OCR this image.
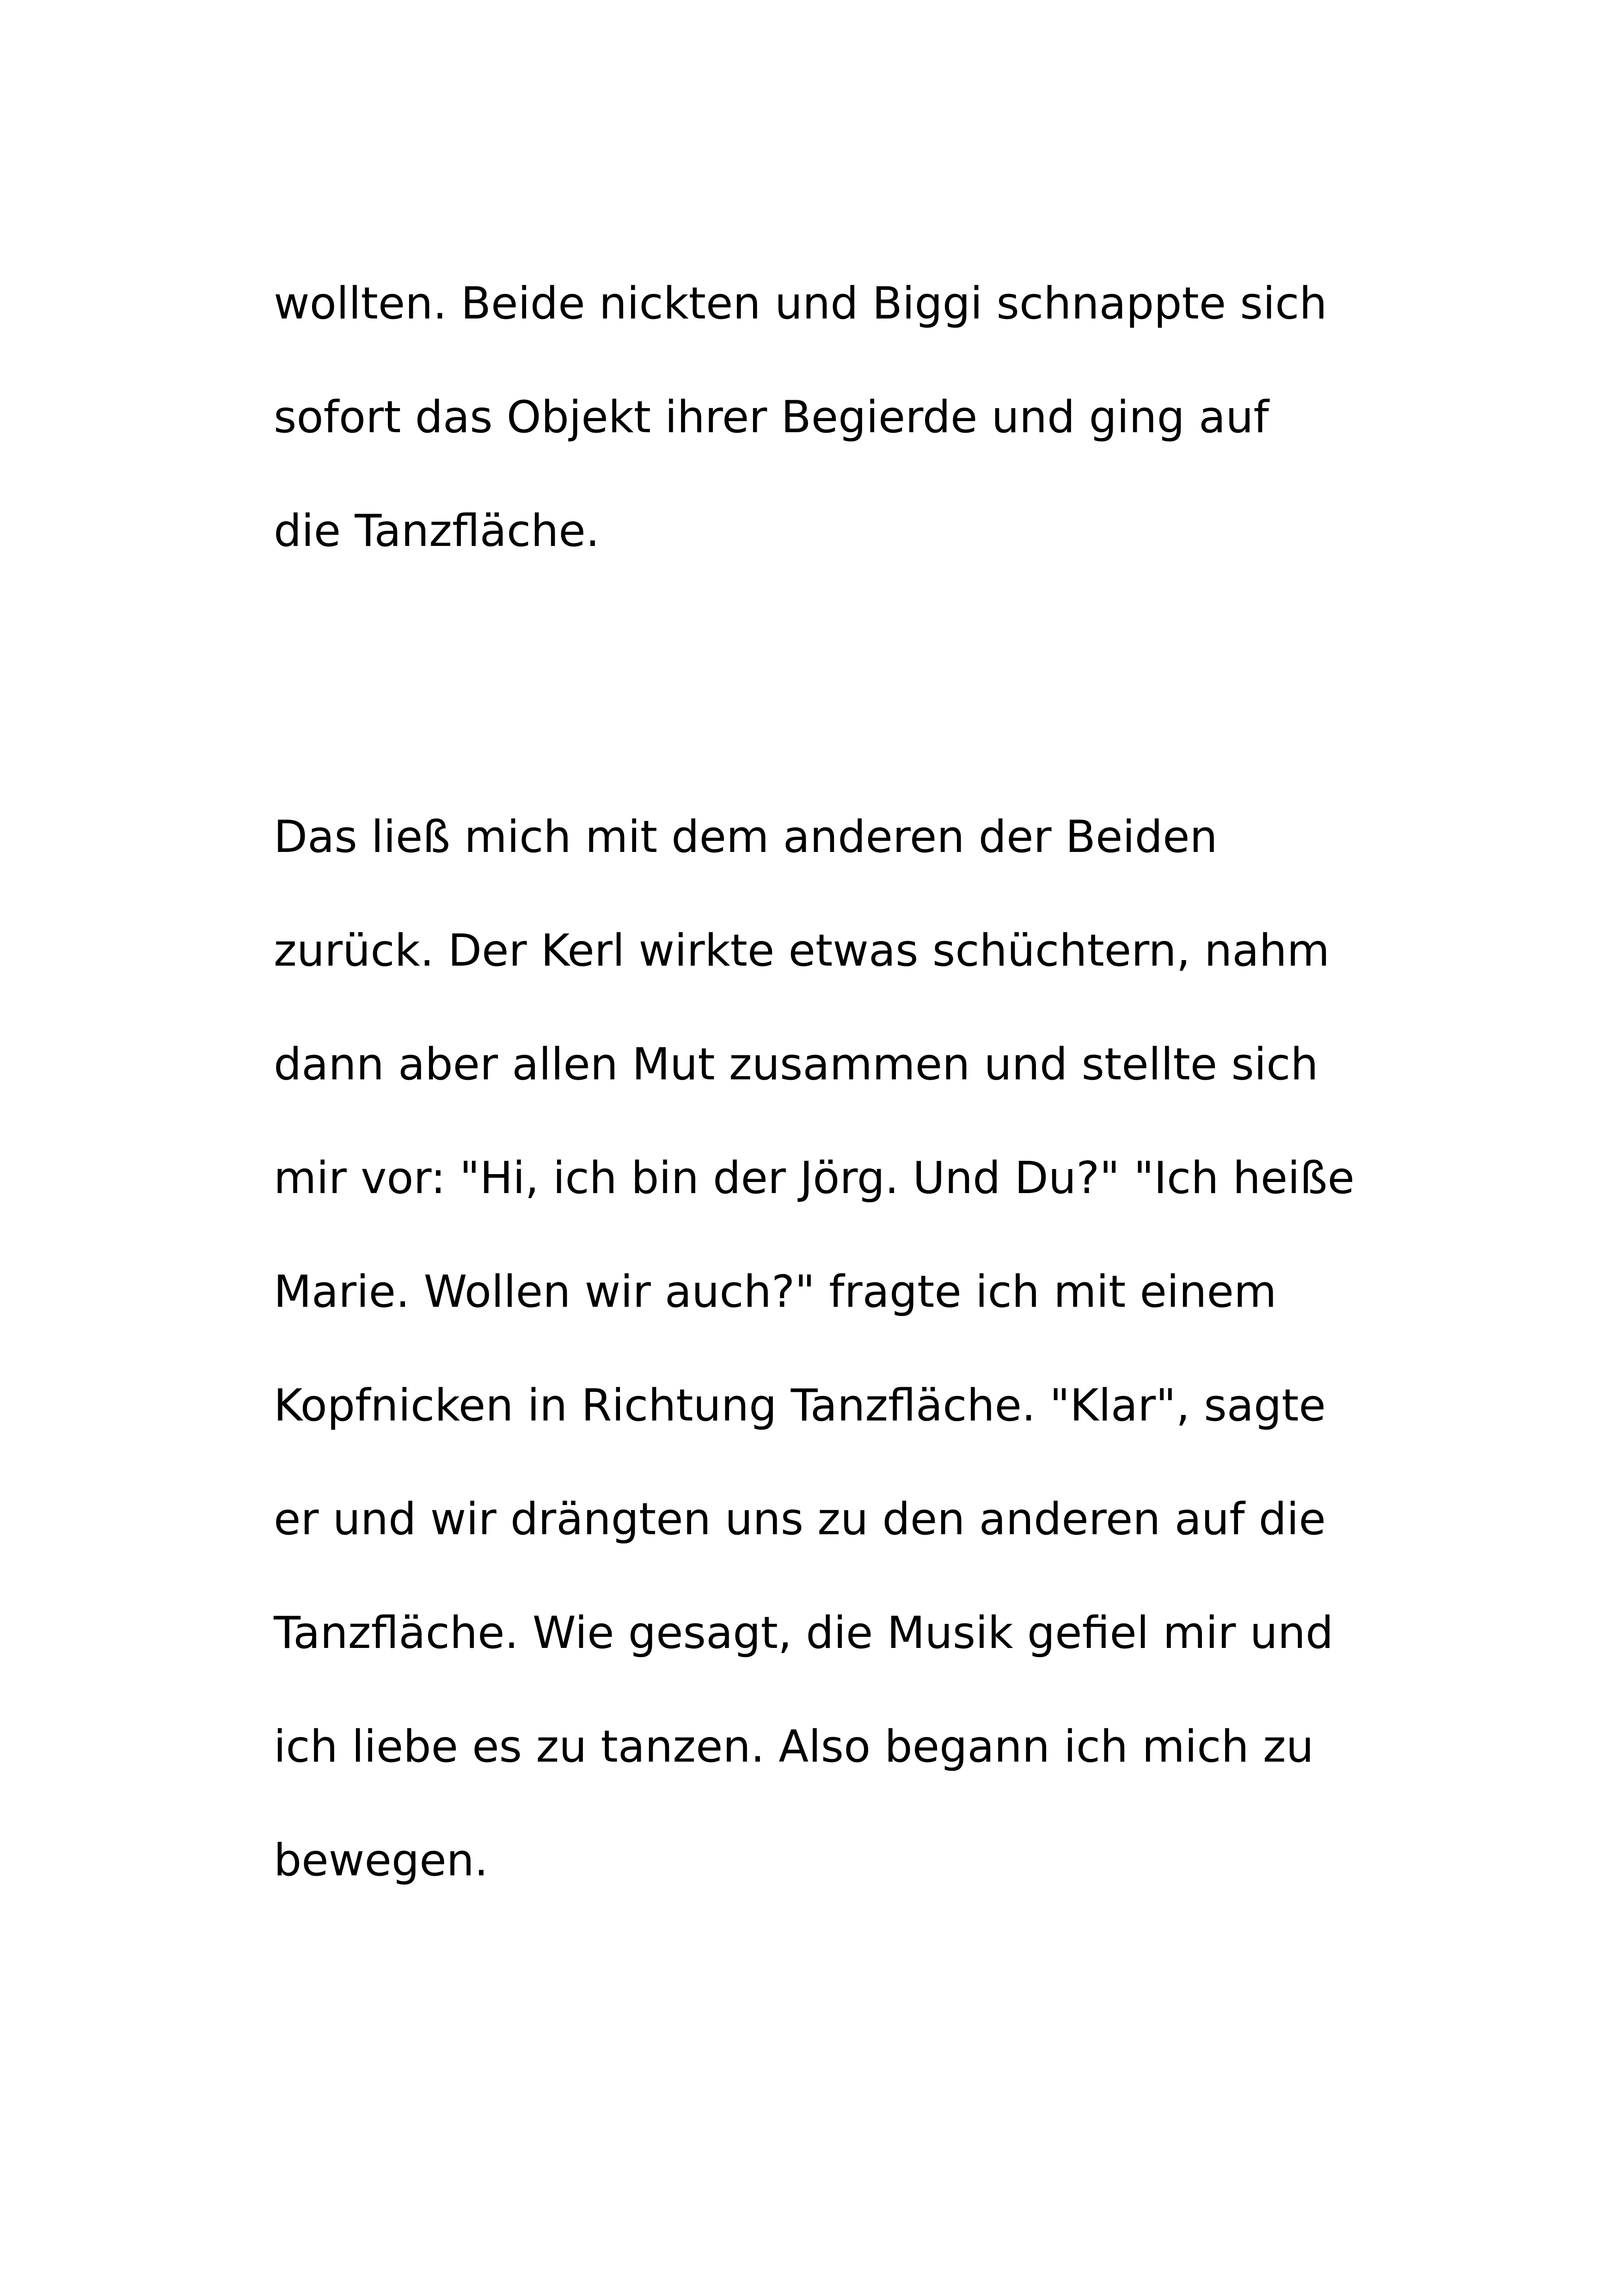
wollten. Beide nickten und Biggi schnappte sich

sofort das Objekt ihrer Begierde und ging auf

die Tanzfläche.

Das ließ mich mit dem anderen der Beiden

zurück. Der Kerl wirkte etwas schüchtern, nahm

dann aber allen Mut zusammen und stellte sich

mir vor: "Hi, ich bin der Jörg. Und Du?" "Ich heiße

Marie. Wollen wir auch?" fragte ich mit einem

Kopfnicken in Richtung Tanzfläche. "Klar", sagte

er und wir drängten uns zu den anderen auf die

Tanzfläche. Wie gesagt, die Musik gefiel mir und

ich liebe es zu tanzen. Also begann ich mich zu

bewegen.
